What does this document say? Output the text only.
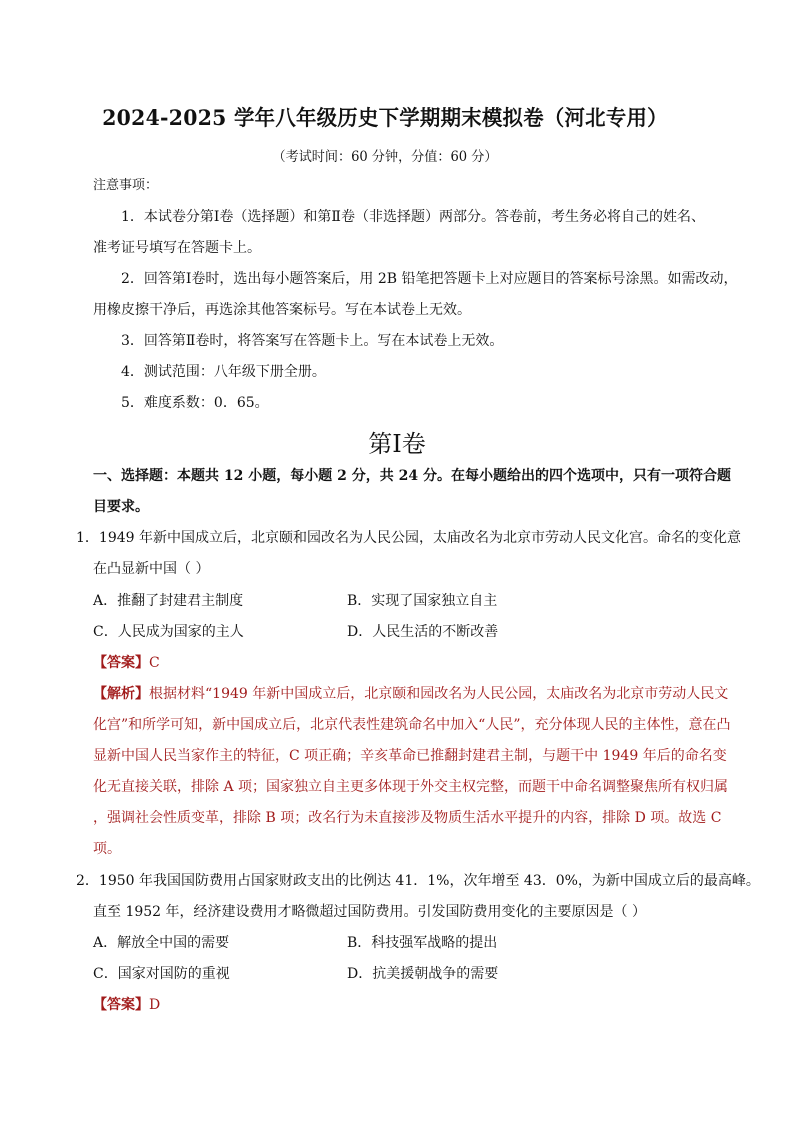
2024-2025 学年八年级历史下学期期末模拟卷（河北专用）
（考试时间：60 分钟，分值：60 分）
注意事项：
1．本试卷分第Ⅰ卷（选择题）和第Ⅱ卷（非选择题）两部分。答卷前，考生务必将自己的姓名、
准考证号填写在答题卡上。
2．回答第Ⅰ卷时，选出每小题答案后，用 2B 铅笔把答题卡上对应题目的答案标号涂黑。如需改动，
用橡皮擦干净后，再选涂其他答案标号。写在本试卷上无效。
3．回答第Ⅱ卷时，将答案写在答题卡上。写在本试卷上无效。
4．测试范围：八年级下册全册。
5．难度系数：0．65。
第Ⅰ卷
一、选择题：本题共 12 小题，每小题 2 分，共 24 分。在每小题给出的四个选项中，只有一项符合题
目要求。
1．1949 年新中国成立后，北京颐和园改名为人民公园，太庙改名为北京市劳动人民文化宫。命名的变化意
在凸显新中国（ ）
A．推翻了封建君主制度	B．实现了国家独立自主
C．人民成为国家的主人	D．人民生活的不断改善
【答案】C
【解析】根据材料“1949 年新中国成立后，北京颐和园改名为人民公园，太庙改名为北京市劳动人民文
化宫”和所学可知，新中国成立后，北京代表性建筑命名中加入“人民”，充分体现人民的主体性，意在凸
显新中国人民当家作主的特征，C 项正确；辛亥革命已推翻封建君主制，与题干中 1949 年后的命名变
化无直接关联，排除 A 项；国家独立自主更多体现于外交主权完整，而题干中命名调整聚焦所有权归属
，强调社会性质变革，排除 B 项；改名行为未直接涉及物质生活水平提升的内容，排除 D 项。故选 C
项。
2．1950 年我国国防费用占国家财政支出的比例达 41．1%，次年增至 43．0%，为新中国成立后的最高峰。
直至 1952 年，经济建设费用才略微超过国防费用。引发国防费用变化的主要原因是（ ）
A．解放全中国的需要	B．科技强军战略的提出
C．国家对国防的重视	D．抗美援朝战争的需要
【答案】D
